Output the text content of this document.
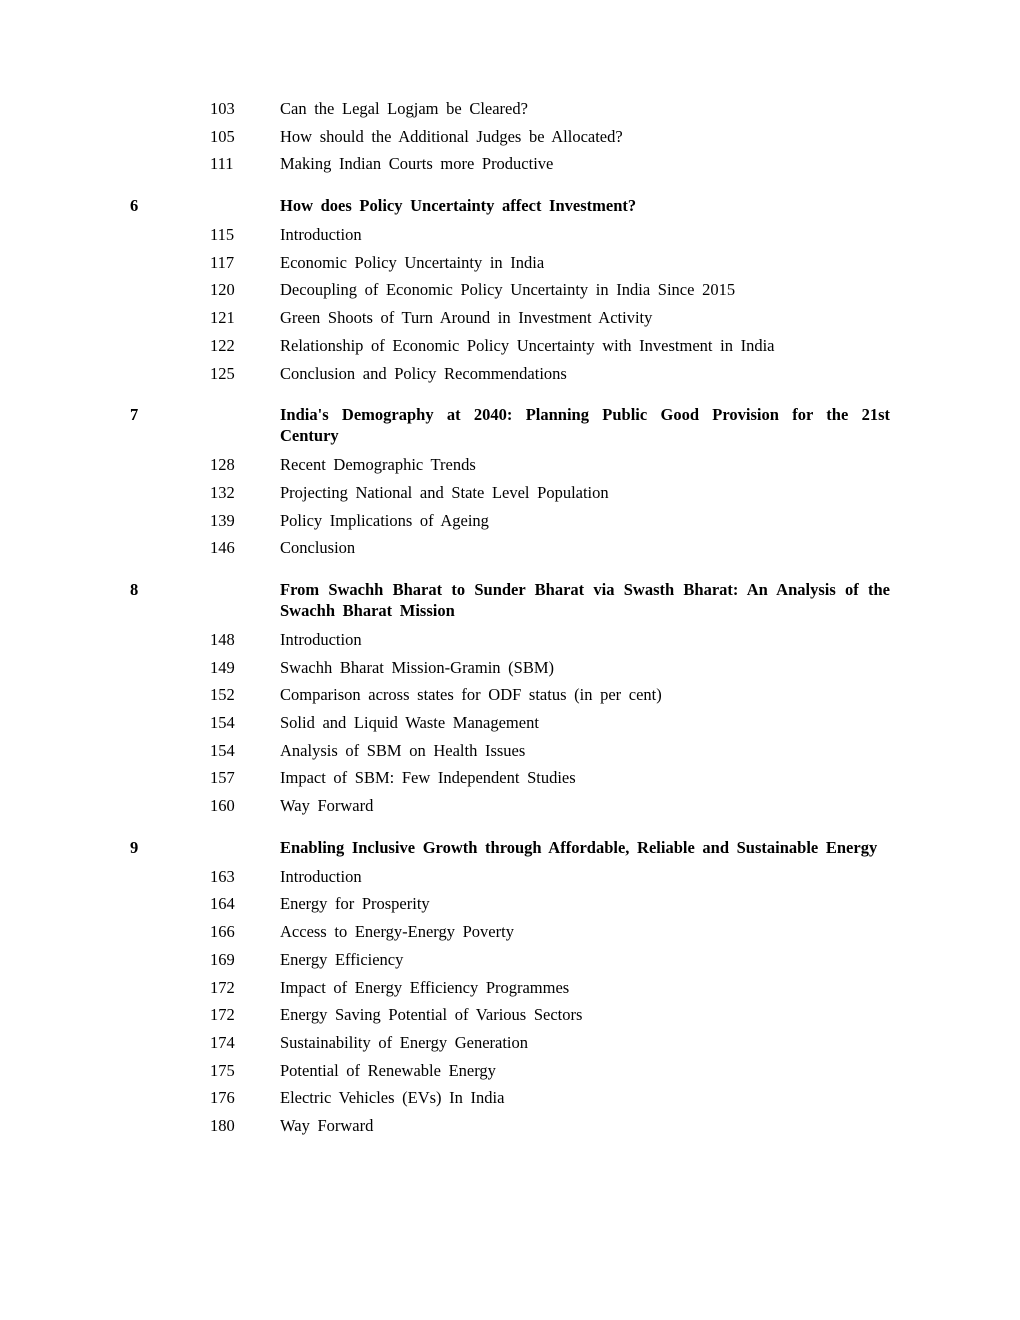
103	Can the Legal Logjam be Cleared?
105	How should the Additional Judges be Allocated?
111	Making Indian Courts more Productive
6	How does Policy Uncertainty affect Investment?
115	Introduction
117	Economic Policy Uncertainty in India
120	Decoupling of Economic Policy Uncertainty in India Since 2015
121	Green Shoots of Turn Around in Investment Activity
122	Relationship of Economic Policy Uncertainty with Investment in India
125	Conclusion and Policy Recommendations
7	India's Demography at 2040: Planning Public Good Provision for the 21st Century
128	Recent Demographic Trends
132	Projecting National and State Level Population
139	Policy Implications of Ageing
146	Conclusion
8	From Swachh Bharat to Sunder Bharat via Swasth Bharat: An Analysis of the Swachh Bharat Mission
148	Introduction
149	Swachh Bharat Mission-Gramin (SBM)
152	Comparison across states for ODF status (in per cent)
154	Solid and Liquid Waste Management
154	Analysis of SBM on Health Issues
157	Impact of SBM: Few Independent Studies
160	Way Forward
9	Enabling Inclusive Growth through Affordable, Reliable and Sustainable Energy
163	Introduction
164	Energy for Prosperity
166	Access to Energy-Energy Poverty
169	Energy Efficiency
172	Impact of Energy Efficiency Programmes
172	Energy Saving Potential of Various Sectors
174	Sustainability of Energy Generation
175	Potential of Renewable Energy
176	Electric Vehicles (EVs) In India
180	Way Forward
